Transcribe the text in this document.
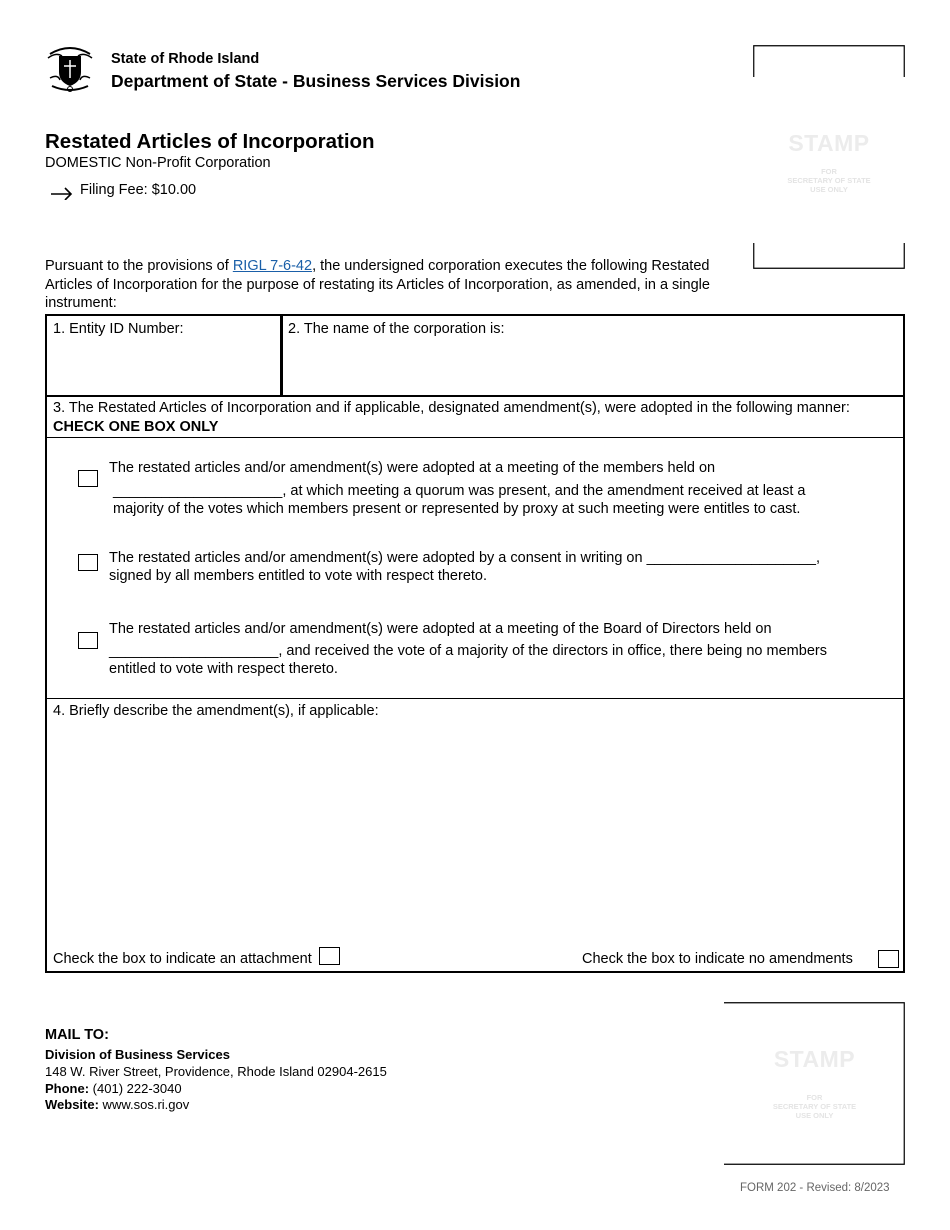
State of Rhode Island
Department of State - Business Services Division
Restated Articles of Incorporation
DOMESTIC Non-Profit Corporation
Filing Fee: $10.00
STAMP
FOR
SECRETARY OF STATE
USE ONLY
Pursuant to the provisions of RIGL 7-6-42, the undersigned corporation executes the following Restated Articles of Incorporation for the purpose of restating its Articles of Incorporation, as amended, in a single instrument:
1. Entity ID Number:	2. The name of the corporation is:
3. The Restated Articles of Incorporation and if applicable, designated amendment(s), were adopted in the following manner: CHECK ONE BOX ONLY
The restated articles and/or amendment(s) were adopted at a meeting of the members held on
_____________________, at which meeting a quorum was present, and the amendment received at least a
majority of the votes which members present or represented by proxy at such meeting were entitles to cast.
The restated articles and/or amendment(s) were adopted by a consent in writing on _____________________,
signed by all members entitled to vote with respect thereto.
The restated articles and/or amendment(s) were adopted at a meeting of the Board of Directors held on
_____________________, and received the vote of a majority of the directors in office, there being no members
entitled to vote with respect thereto.
4. Briefly describe the amendment(s), if applicable:
Check the box to indicate an attachment	Check the box to indicate no amendments
MAIL TO:
Division of Business Services
148 W. River Street, Providence, Rhode Island 02904-2615
Phone: (401) 222-3040
Website: www.sos.ri.gov
STAMP
FOR
SECRETARY OF STATE
USE ONLY
FORM 202 - Revised: 8/2023
